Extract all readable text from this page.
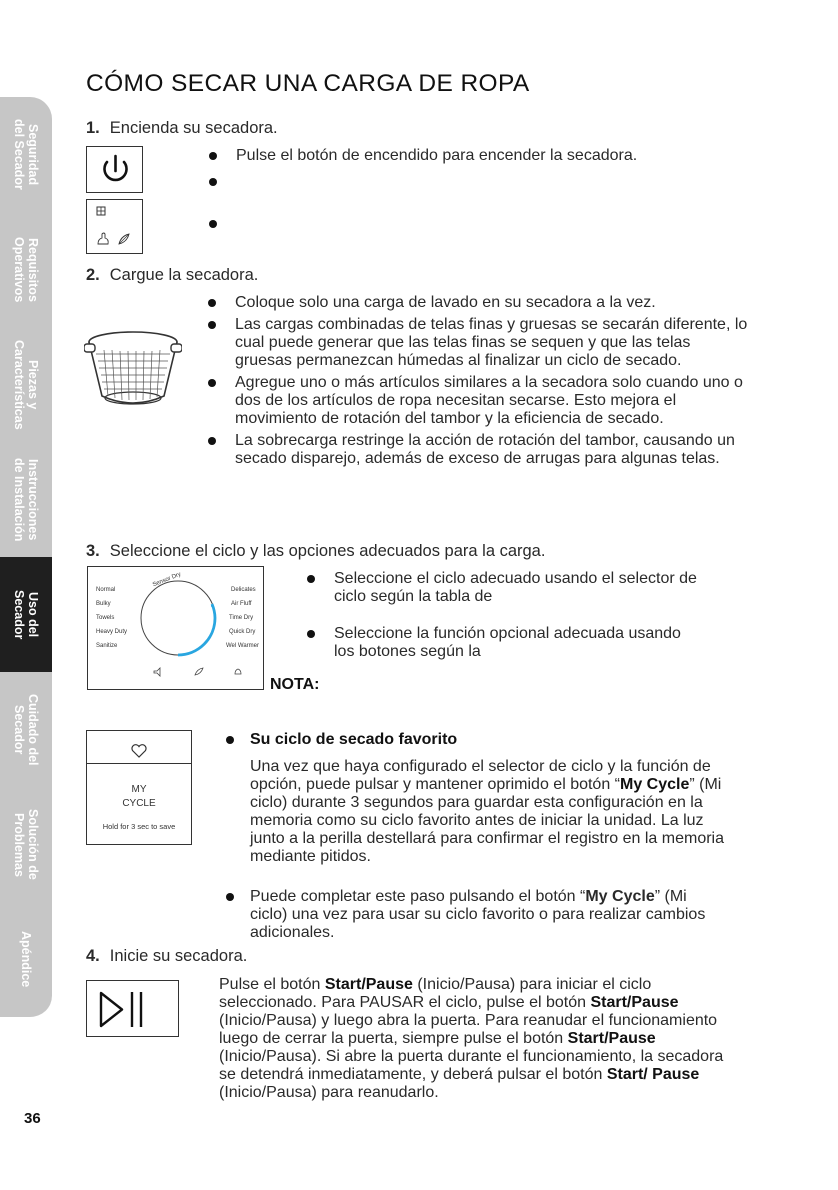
Seguridad
del Secador
Requisitos
Operativos
Piezas y
Características
Instrucciones
de Instalación
Uso del
Secador
Cuidado del
Secador
Solución de
Problemas
Apéndice
36
CÓMO SECAR UNA CARGA DE ROPA
1. Encienda su secadora.
Pulse el botón de encendido para encender la secadora.
2. Cargue la secadora.
Coloque solo una carga de lavado en su secadora a la vez.
Las cargas combinadas de telas finas y gruesas se secarán diferente, lo cual puede generar que las telas finas se sequen y que las telas gruesas permanezcan húmedas al finalizar un ciclo de secado.
Agregue uno o más artículos similares a la secadora solo cuando uno o dos de los artículos de ropa necesitan secarse. Esto mejora el movimiento de rotación del tambor y la eficiencia de secado.
La sobrecarga restringe la acción de rotación del tambor, causando un secado disparejo, además de exceso de arrugas para algunas telas.
3. Seleccione el ciclo y las opciones adecuados para la carga.
Normal
Bulky
Towels
Heavy Duty
Sanitize
Delicates
Air Fluff
Time Dry
Quick Dry
Wel Warmer
Sensor Dry	Seleccione el ciclo adecuado usando el selector de ciclo según la tabla de
Seleccione la función opcional adecuada usando los botones según la
NOTA:
MY
CYCLE
Hold for 3 sec to save
Su ciclo de secado favorito

Una vez que haya configurado el selector de ciclo y la función de opción, puede pulsar y mantener oprimido el botón “My Cycle” (Mi ciclo) durante 3 segundos para guardar esta configuración en la memoria como su ciclo favorito antes de iniciar la unidad. La luz junto a la perilla destellará para confirmar el registro en la memoria mediante pitidos.

Puede completar este paso pulsando el botón “My Cycle” (Mi ciclo) una vez para usar su ciclo favorito o para realizar cambios adicionales.
4. Inicie su secadora.

Pulse el botón Start/Pause (Inicio/Pausa) para iniciar el ciclo seleccionado. Para PAUSAR el ciclo, pulse el botón Start/Pause (Inicio/Pausa) y luego abra la puerta. Para reanudar el funcionamiento luego de cerrar la puerta, siempre pulse el botón Start/Pause (Inicio/Pausa). Si abre la puerta durante el funcionamiento, la secadora se detendrá inmediatamente, y deberá pulsar el botón Start/ Pause (Inicio/Pausa) para reanudarlo.
